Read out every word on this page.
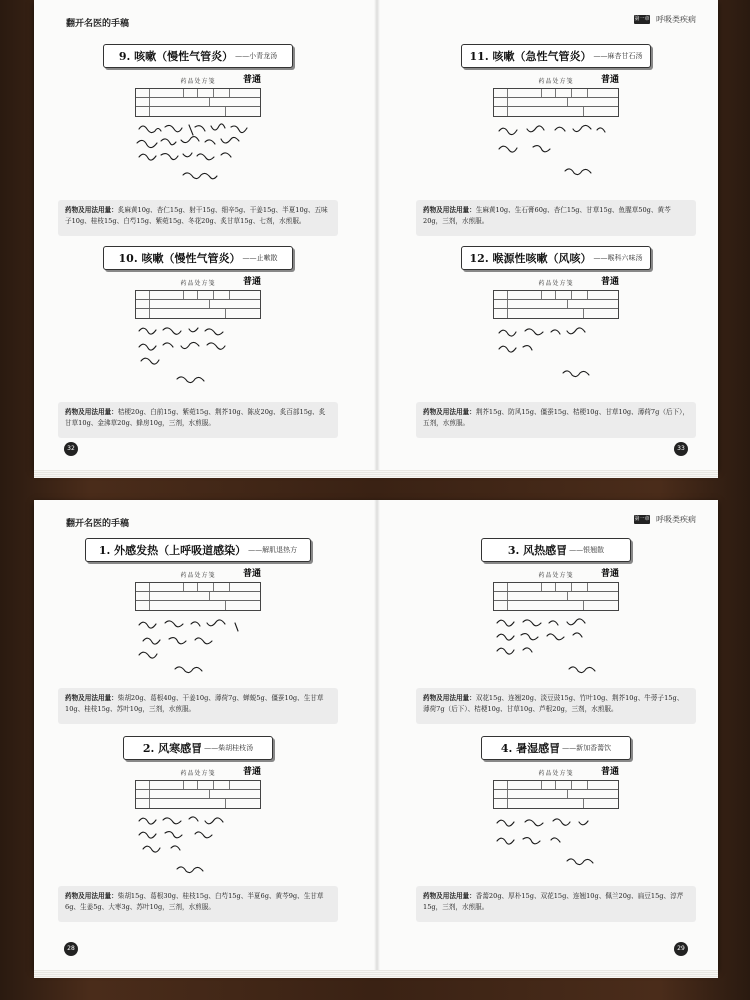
翻开名医的手稿	第一章 呼吸类疾病
9. 咳嗽（慢性气管炎） ——小青龙汤
药品处方笺	普通
药物及用法用量：炙麻黄10g、杏仁15g、射干15g、细辛5g、干姜15g、半夏10g、五味子10g、桂枝15g、白芍15g、紫菀15g、冬花20g、炙甘草15g、七剂，水煎服。
11. 咳嗽（急性气管炎） ——麻杏甘石汤
药品处方笺	普通
药物及用法用量：生麻黄10g、生石膏60g、杏仁15g、甘草15g、鱼腥草50g、黄芩20g，三剂，水煎服。
10. 咳嗽（慢性气管炎） ——止嗽散
药品处方笺	普通
药物及用法用量：桔梗20g、白前15g、紫菀15g、荆芥10g、陈皮20g、炙百部15g、炙甘草10g、金沸草20g、蜂房10g，三剂，水煎服。
12. 喉源性咳嗽（风咳） ——喉科六味汤
药品处方笺	普通
药物及用法用量：荆芥15g、防风15g、僵蚕15g、桔梗10g、甘草10g、薄荷7g（后下），五剂，水煎服。
32	33
翻开名医的手稿	第一章 呼吸类疾病
1. 外感发热（上呼吸道感染） ——解肌退热方
药品处方笺	普通
药物及用法用量：柴胡20g、葛根40g、干姜10g、薄荷7g、蝉蜕5g、僵蚕10g、生甘草10g、桂枝15g、苏叶10g，三剂，水煎服。
3. 风热感冒 ——银翘散
药品处方笺	普通
药物及用法用量：双花15g、连翘20g、淡豆豉15g、竹叶10g、荆芥10g、牛蒡子15g、薄荷7g（后下）、桔梗10g、甘草10g、芦根20g，三剂，水煎服。
2. 风寒感冒 ——柴胡桂枝汤
药品处方笺	普通
药物及用法用量：柴胡15g、葛根30g、桂枝15g、白芍15g、半夏6g、黄芩9g、生甘草6g、生姜5g、大枣3g、苏叶10g，三剂，水煎服。
4. 暑湿感冒 ——新加香薷饮
药品处方笺	普通
药物及用法用量：香薷20g、厚朴15g、双花15g、连翘10g、佩兰20g、扁豆15g、淳芹15g，三剂，水煎服。
28	29
